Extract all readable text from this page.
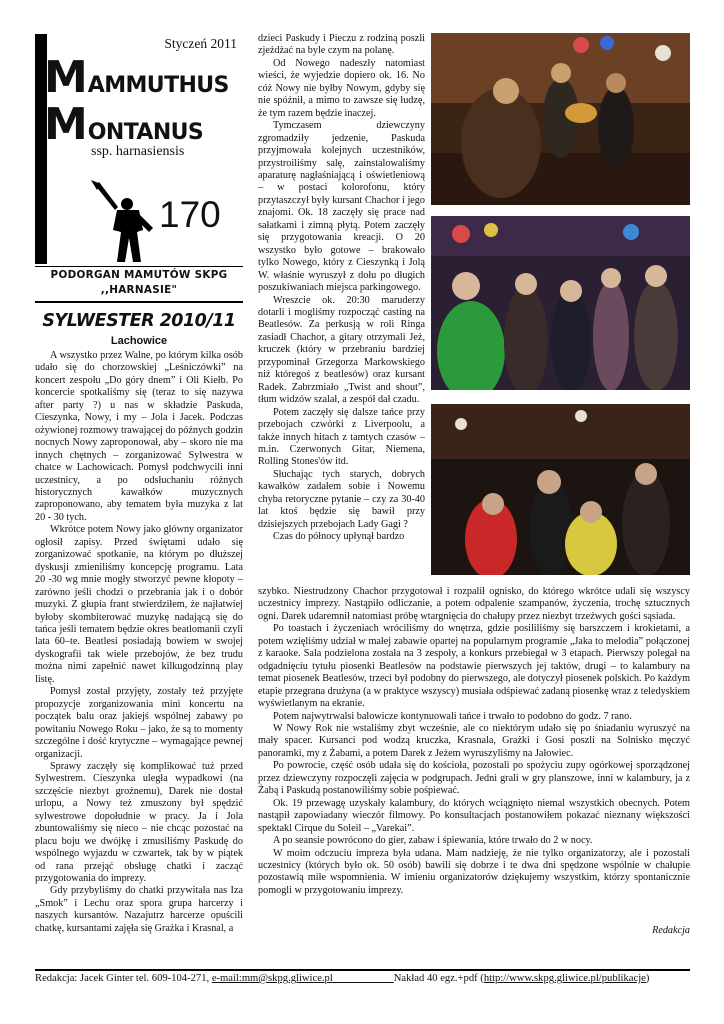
Styczeń 2011
MAMMUTHUS
MONTANUS
ssp. harnasiensis
170
PODORGAN MAMUTÓW SKPG
,,HARNASIE"
SYLWESTER 2010/11
Lachowice

A wszystko przez Walne, po którym kilka osób udało się do chorzowskiej „Leśniczówki” na koncert zespołu „Do góry dnem” i Oli Kiełb. Po koncercie spotkaliśmy się (teraz to się nazywa after party ?) u nas w składzie Paskuda, Cieszynka, Nowy, i my – Jola i Jacek. Podczas ożywionej rozmowy trawającej do późnych godzin nocnych Nowy zaproponował, aby – skoro nie ma innych chętnych – zorganizować Sylwestra w chatce w Lachowicach. Pomysł podchwycili inni uczestnicy, a po odsłuchaniu różnych historycznych kawałków muzycznych zaproponowano, aby tematem była muzyka z lat 20 - 30 tych.

Wkrótce potem Nowy jako główny organizator ogłosił zapisy. Przed świętami udało się zorganizować spotkanie, na którym po dłuższej dyskusji zmieniliśmy koncepcję programu. Lata 20 -30 wg mnie mogły stworzyć pewne kłopoty – zarówno jeśli chodzi o przebrania jak i o dobór muzyki. Z głupia frant stwierdziłem, że najłatwiej byłoby skombiterować muzykę nadającą się do tańca jeśli tematem będzie okres beatlomanii czyli lata 60–te. Beatlesi posiadają bowiem w swojej dyskografii tak wiele przebojów, że bez trudu można nimi zapełnić nawet kilkugodzinną play listę.

Pomysł został przyjęty, zostały też przyjęte propozycje zorganizowania mini koncertu na początek balu oraz jakiejś wspólnej zabawy po powitaniu Nowego Roku – jako, że są to momenty szczególne i dość krytyczne – wymagające pewnej organizacji.

Sprawy zaczęły się komplikować tuż przed Sylwestrem. Cieszynka uległa wypadkowi (na szczęście niezbyt groźnemu), Darek nie dostał urlopu, a Nowy też zmuszony był spędzić sylwestrowe dopołudnie w pracy. Ja i Jola zbuntowaliśmy się nieco – nie chcąc pozostać na placu boju we dwójkę i zmusiliśmy Paskudę do wspólnego wyjazdu w czwartek, tak by w piątek od rana przejąć obsługę chatki i zacząć przygotowania do imprezy.

Gdy przybyliśmy do chatki przywitała nas Iza „Smok” i Lechu oraz spora grupa harcerzy i naszych kursantów. Nazajutrz harcerze opuścili chatkę, kursantami zajęła się Grażka i Krasnal, a

dzieci Paskudy i Pieczu z rodziną poszli zjeżdżać na byle czym na polanę.

Od Nowego nadeszły natomiast wieści, że wyjedzie dopiero ok. 16. No cóż Nowy nie byłby Nowym, gdyby się nie spóźnił, a mimo to zawsze się łudzę, że tym razem będzie inaczej.

Tymczasem dziewczyny zgromadziły jedzenie, Paskuda przyjmowała kolejnych uczestników, przystroiliśmy salę, zainstalowaliśmy aparaturę nagłaśniającą i oświetleniową – w postaci kolorofonu, który przytaszczył były kursant Chachor i jego znajomi. Ok. 18 zaczęły się prace nad sałatkami i zimną płytą. Potem zaczęły się przygotowania kreacji. O 20 wszystko było gotowe – brakowało tylko Nowego, który z Cieszynką i Jolą W. właśnie wyruszył z dołu po długich poszukiwaniach miejsca parkingowego.

Wreszcie ok. 20:30 maruderzy dotarli i mogliśmy rozpocząć casting na Beatlesów. Za perkusją w roli Ringa zasiadł Chachor, a gitary otrzymali Jeż, kruczek (który w przebraniu bardziej przypominał Grzegorza Markowskiego niż któregoś z beatlesów) oraz kursant Radek. Zabrzmiało „Twist and shout”, tłum widzów szalał, a zespół dał czadu.

Potem zaczęły się dalsze tańce przy przebojach czwórki z Liverpoolu, a także innych hitach z tamtych czasów – m.in. Czerwonych Gitar, Niemena, Rolling Stones'ów itd.

Słuchając tych starych, dobrych kawałków zadałem sobie i Nowemu chyba retoryczne pytanie – czy za 30-40 lat ktoś będzie się bawił przy dzisiejszych przebojach Lady Gagi ?

Czas do północy upłynął bardzo

szybko. Niestrudzony Chachor przygotował i rozpalił ognisko, do którego wkrótce udali się wszyscy uczestnicy imprezy. Nastąpiło odliczanie, a potem odpalenie szampanów, życzenia, trochę sztucznych ogni. Darek udaremnił natomiast próbę wtargnięcia do chałupy przez niezbyt trzeźwych gości sąsiada.

Po toastach i życzeniach wróciliśmy do wnętrza, gdzie posililiśmy się barszczem i krokietami, a potem wzięliśmy udział w małej zabawie opartej na popularnym programie „Jaka to melodia” połączonej z karaoke. Sala podzielona została na 3 zespoły, a konkurs przebiegał w 3 etapach. Pierwszy polegał na odgadnięciu tytułu piosenki Beatlesów na podstawie pierwszych jej taktów, drugi – to kalambury na temat piosenek Beatlesów, trzeci był podobny do pierwszego, ale dotyczył piosenek polskich. Po każdym etapie przegrana drużyna (a w praktyce wszyscy) musiała odśpiewać zadaną piosenkę wraz z teledyskiem wyświetlanym na ekranie.

Potem najwytrwalsi balowicze kontynuowali tańce i trwało to podobno do godz. 7 rano.

W Nowy Rok nie wstaliśmy zbyt wcześnie, ale co niektórym udało się po śniadaniu wyruszyć na mały spacer. Kursanci pod wodzą kruczka, Krasnala, Grażki i Gosi poszli na Solnisko męczyć panoramki, my z Żabami, a potem Darek z Jeżem wyruszyliśmy na Jałowiec.

Po powrocie, część osób udała się do kościoła, pozostali po spożyciu zupy ogórkowej sporządzonej przez dziewczyny rozpoczęli zajęcia w podgrupach. Jedni grali w gry planszowe, inni w kalambury, ja z Żabą i Paskudą postanowiliśmy sobie pośpiewać.

Ok. 19 przewagę uzyskały kalambury, do których wciągnięto niemal wszystkich obecnych. Potem nastąpił zapowiadany wieczór filmowy. Po konsultacjach postanowiłem pokazać nieznany większości spektakl Cirque du Soleil – „Varekai”.

A po seansie powrócono do gier, zabaw i śpiewania, które trwało do 2 w nocy.

W moim odczuciu impreza była udana. Mam nadzieję, że nie tylko organizatorzy, ale i pozostali uczestnicy (których było ok. 50 osób) bawili się dobrze i te dwa dni spędzone wspólnie w chałupie pozostawią miłe wspomnienia. W imieniu organizatorów dziękujemy wszystkim, którzy spontanicznie pomogli w przygotowaniu imprezy.

Redakcja
Redakcja: Jacek Ginter tel. 609-104-271, e-mail:mm@skpg.gliwice.pl	Nakład 40 egz.+pdf (http://www.skpg.gliwice.pl/publikacje)
